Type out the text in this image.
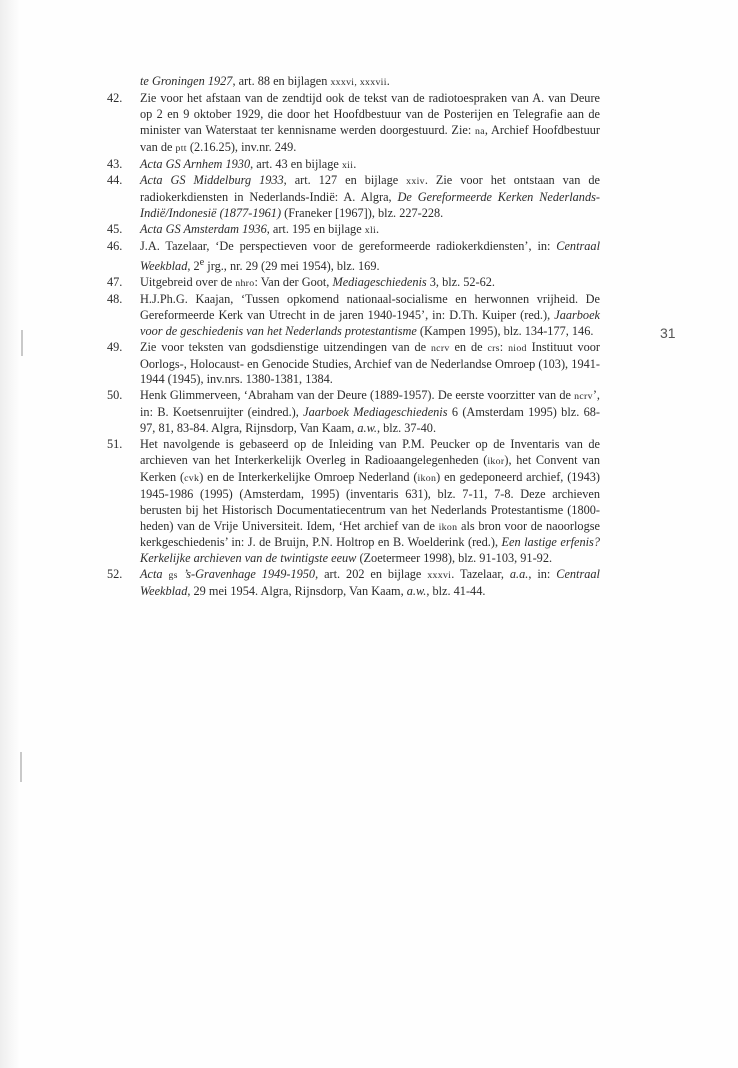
te Groningen 1927, art. 88 en bijlagen xxxvi, xxxvii.
42.	Zie voor het afstaan van de zendtijd ook de tekst van de radiotoespraken van A. van Deure op 2 en 9 oktober 1929, die door het Hoofdbestuur van de Posterijen en Telegrafie aan de minister van Waterstaat ter kennisname werden doorgestuurd. Zie: na, Archief Hoofdbestuur van de ptt (2.16.25), inv.nr. 249.
43.	Acta GS Arnhem 1930, art. 43 en bijlage xii.
44.	Acta GS Middelburg 1933, art. 127 en bijlage xxiv. Zie voor het ontstaan van de radiokerkdiensten in Nederlands-Indië: A. Algra, De Gereformeerde Kerken Nederlands-Indië/Indonesië (1877-1961) (Franeker [1967]), blz. 227-228.
45.	Acta GS Amsterdam 1936, art. 195 en bijlage xli.
46.	J.A. Tazelaar, ‘De perspectieven voor de gereformeerde radiokerkdiensten’, in: Centraal Weekblad, 2e jrg., nr. 29 (29 mei 1954), blz. 169.
47.	Uitgebreid over de nhro: Van der Goot, Mediageschiedenis 3, blz. 52-62.
48.	H.J.Ph.G. Kaajan, ‘Tussen opkomend nationaal-socialisme en herwonnen vrijheid. De Gereformeerde Kerk van Utrecht in de jaren 1940-1945’, in: D.Th. Kuiper (red.), Jaarboek voor de geschiedenis van het Nederlands protestantisme (Kampen 1995), blz. 134-177, 146.
49.	Zie voor teksten van godsdienstige uitzendingen van de ncrv en de crs: niod Instituut voor Oorlogs-, Holocaust- en Genocide Studies, Archief van de Nederlandse Omroep (103), 1941-1944 (1945), inv.nrs. 1380-1381, 1384.
50.	Henk Glimmerveen, ‘Abraham van der Deure (1889-1957). De eerste voorzitter van de ncrv’, in: B. Koetsenruijter (eindred.), Jaarboek Mediageschiedenis 6 (Amsterdam 1995) blz. 68-97, 81, 83-84. Algra, Rijnsdorp, Van Kaam, a.w., blz. 37-40.
51.	Het navolgende is gebaseerd op de Inleiding van P.M. Peucker op de Inventaris van de archieven van het Interkerkelijk Overleg in Radioaangelegenheden (ikor), het Convent van Kerken (cvk) en de Interkerkelijke Omroep Nederland (ikon) en gedeponeerd archief, (1943) 1945-1986 (1995) (Amsterdam, 1995) (inventaris 631), blz. 7-11, 7-8. Deze archieven berusten bij het Historisch Documentatiecentrum van het Nederlands Protestantisme (1800-heden) van de Vrije Universiteit. Idem, ‘Het archief van de ikon als bron voor de naoorlogse kerkgeschiedenis’ in: J. de Bruijn, P.N. Holtrop en B. Woelderink (red.), Een lastige erfenis? Kerkelijke archieven van de twintigste eeuw (Zoetermeer 1998), blz. 91-103, 91-92.
52.	Acta gs ’s-Gravenhage 1949-1950, art. 202 en bijlage xxxvi. Tazelaar, a.a., in: Centraal Weekblad, 29 mei 1954. Algra, Rijnsdorp, Van Kaam, a.w., blz. 41-44.
31
